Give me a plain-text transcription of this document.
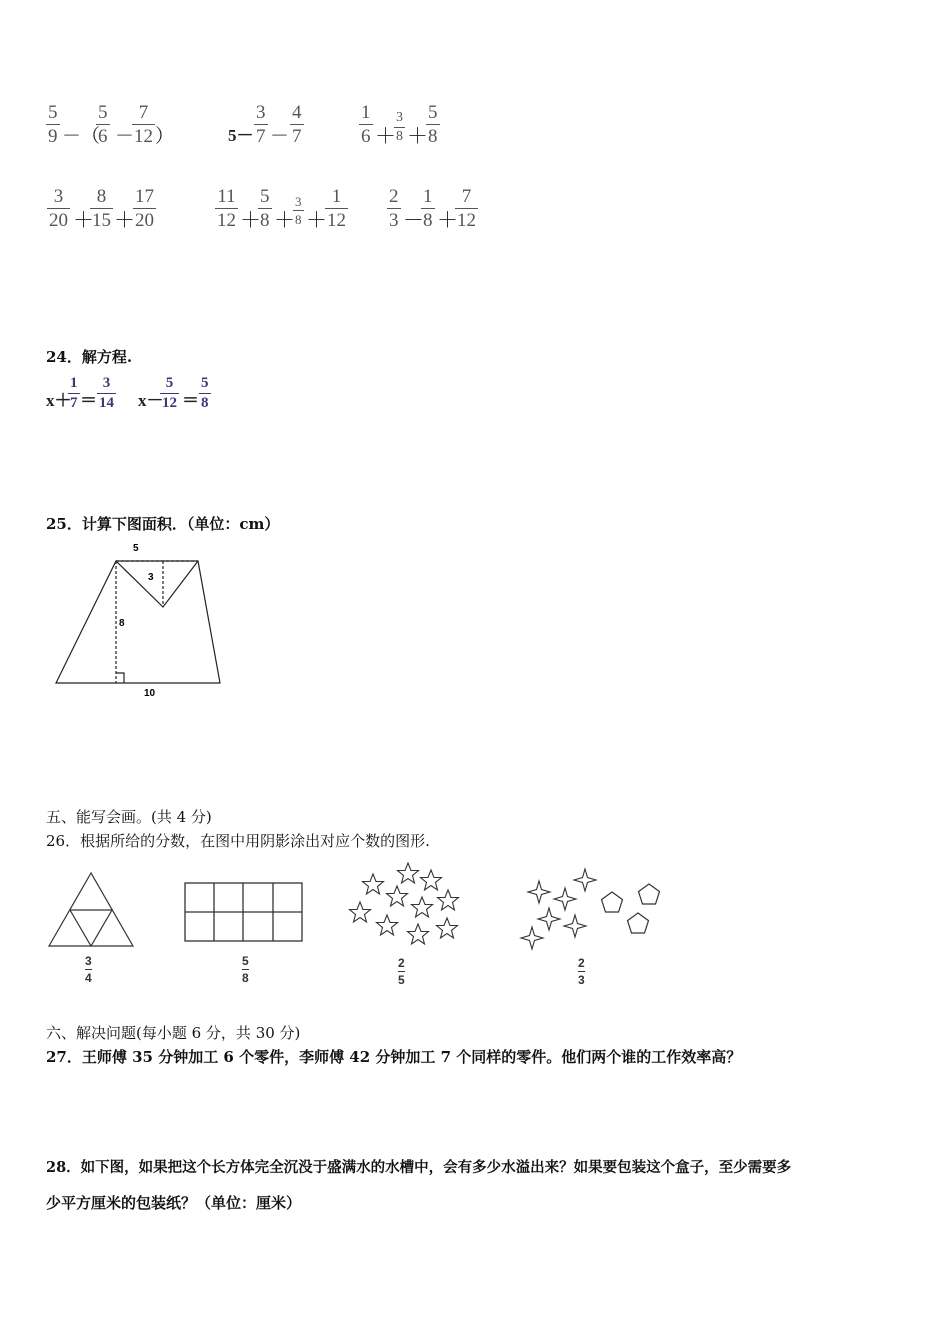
$\frac{5}{9}$ －（
$\frac{5}{6}$ －
$\frac{7}{12}$ ）	$5- \frac{3}{7} - \frac{4}{7}$	$\frac{1}{6}$ ＋
$\frac{3}{8}$ ＋
$\frac{5}{8}$
$\frac{3}{20}$ ＋
$\frac{8}{15}$ ＋
$\frac{17}{20}$	$\frac{11}{12}$ ＋
$\frac{5}{8}$ ＋
$\frac{3}{8}$ ＋
$\frac{1}{12} \frac{2}{3}$ －
$\frac{1}{8}$ ＋
$\frac{7}{12}$
24．解方程.
x＋
$\frac{1}{7} = \frac{3}{14} x-$
$\frac{5}{12} = \frac{5}{8}$
25．计算下图面积．（单位：cm）
5
3
8
10
五、能写会画。(共 4 分)
26．根据所给的分数，在图中用阴影涂出对应个数的图形.
$\frac{3}{4}$	$\frac{5}{8}$	$\frac{2}{5}$	$\frac{2}{3}$
六、解决问题(每小题 6 分，共 30 分)
27．王师傅 35 分钟加工 6 个零件，李师傅 42 分钟加工 7 个同样的零件。他们两个谁的工作效率高？
28．如下图，如果把这个长方体完全沉没于盛满水的水槽中，会有多少水溢出来？如果要包装这个盒子，至少需要多
少平方厘米的包装纸？（单位：厘米）
